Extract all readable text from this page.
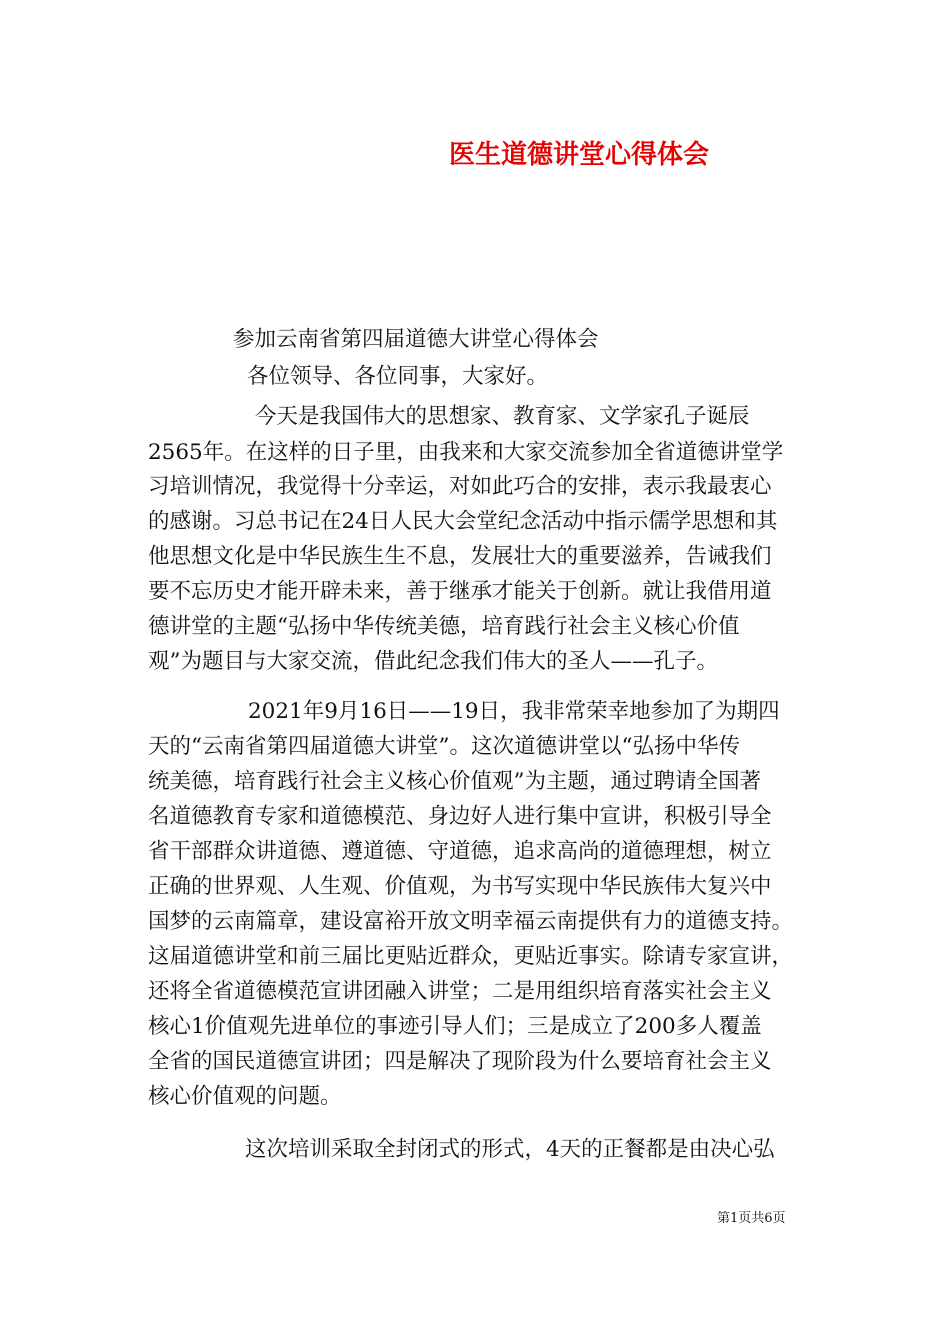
医生道德讲堂心得体会
参加云南省第四届道德大讲堂心得体会
各位领导、各位同事，大家好。
今天是我国伟大的思想家、教育家、文学家孔子诞辰
2565年。在这样的日子里，由我来和大家交流参加全省道德讲堂学
习培训情况，我觉得十分幸运，对如此巧合的安排，表示我最衷心
的感谢。习总书记在24日人民大会堂纪念活动中指示儒学思想和其
他思想文化是中华民族生生不息，发展壮大的重要滋养，告诫我们
要不忘历史才能开辟未来，善于继承才能关于创新。就让我借用道
德讲堂的主题“弘扬中华传统美德，培育践行社会主义核心价值
观”为题目与大家交流，借此纪念我们伟大的圣人——孔子。
2021年9月16日——19日，我非常荣幸地参加了为期四
天的“云南省第四届道德大讲堂”。这次道德讲堂以“弘扬中华传
统美德，培育践行社会主义核心价值观”为主题，通过聘请全国著
名道德教育专家和道德模范、身边好人进行集中宣讲，积极引导全
省干部群众讲道德、遵道德、守道德，追求高尚的道德理想，树立
正确的世界观、人生观、价值观，为书写实现中华民族伟大复兴中
国梦的云南篇章，建设富裕开放文明幸福云南提供有力的道德支持。
这届道德讲堂和前三届比更贴近群众，更贴近事实。除请专家宣讲，
还将全省道德模范宣讲团融入讲堂；二是用组织培育落实社会主义
核心1价值观先进单位的事迹引导人们；三是成立了200多人覆盖
全省的国民道德宣讲团；四是解决了现阶段为什么要培育社会主义
核心价值观的问题。
这次培训采取全封闭式的形式，4天的正餐都是由决心弘
第1页共6页
